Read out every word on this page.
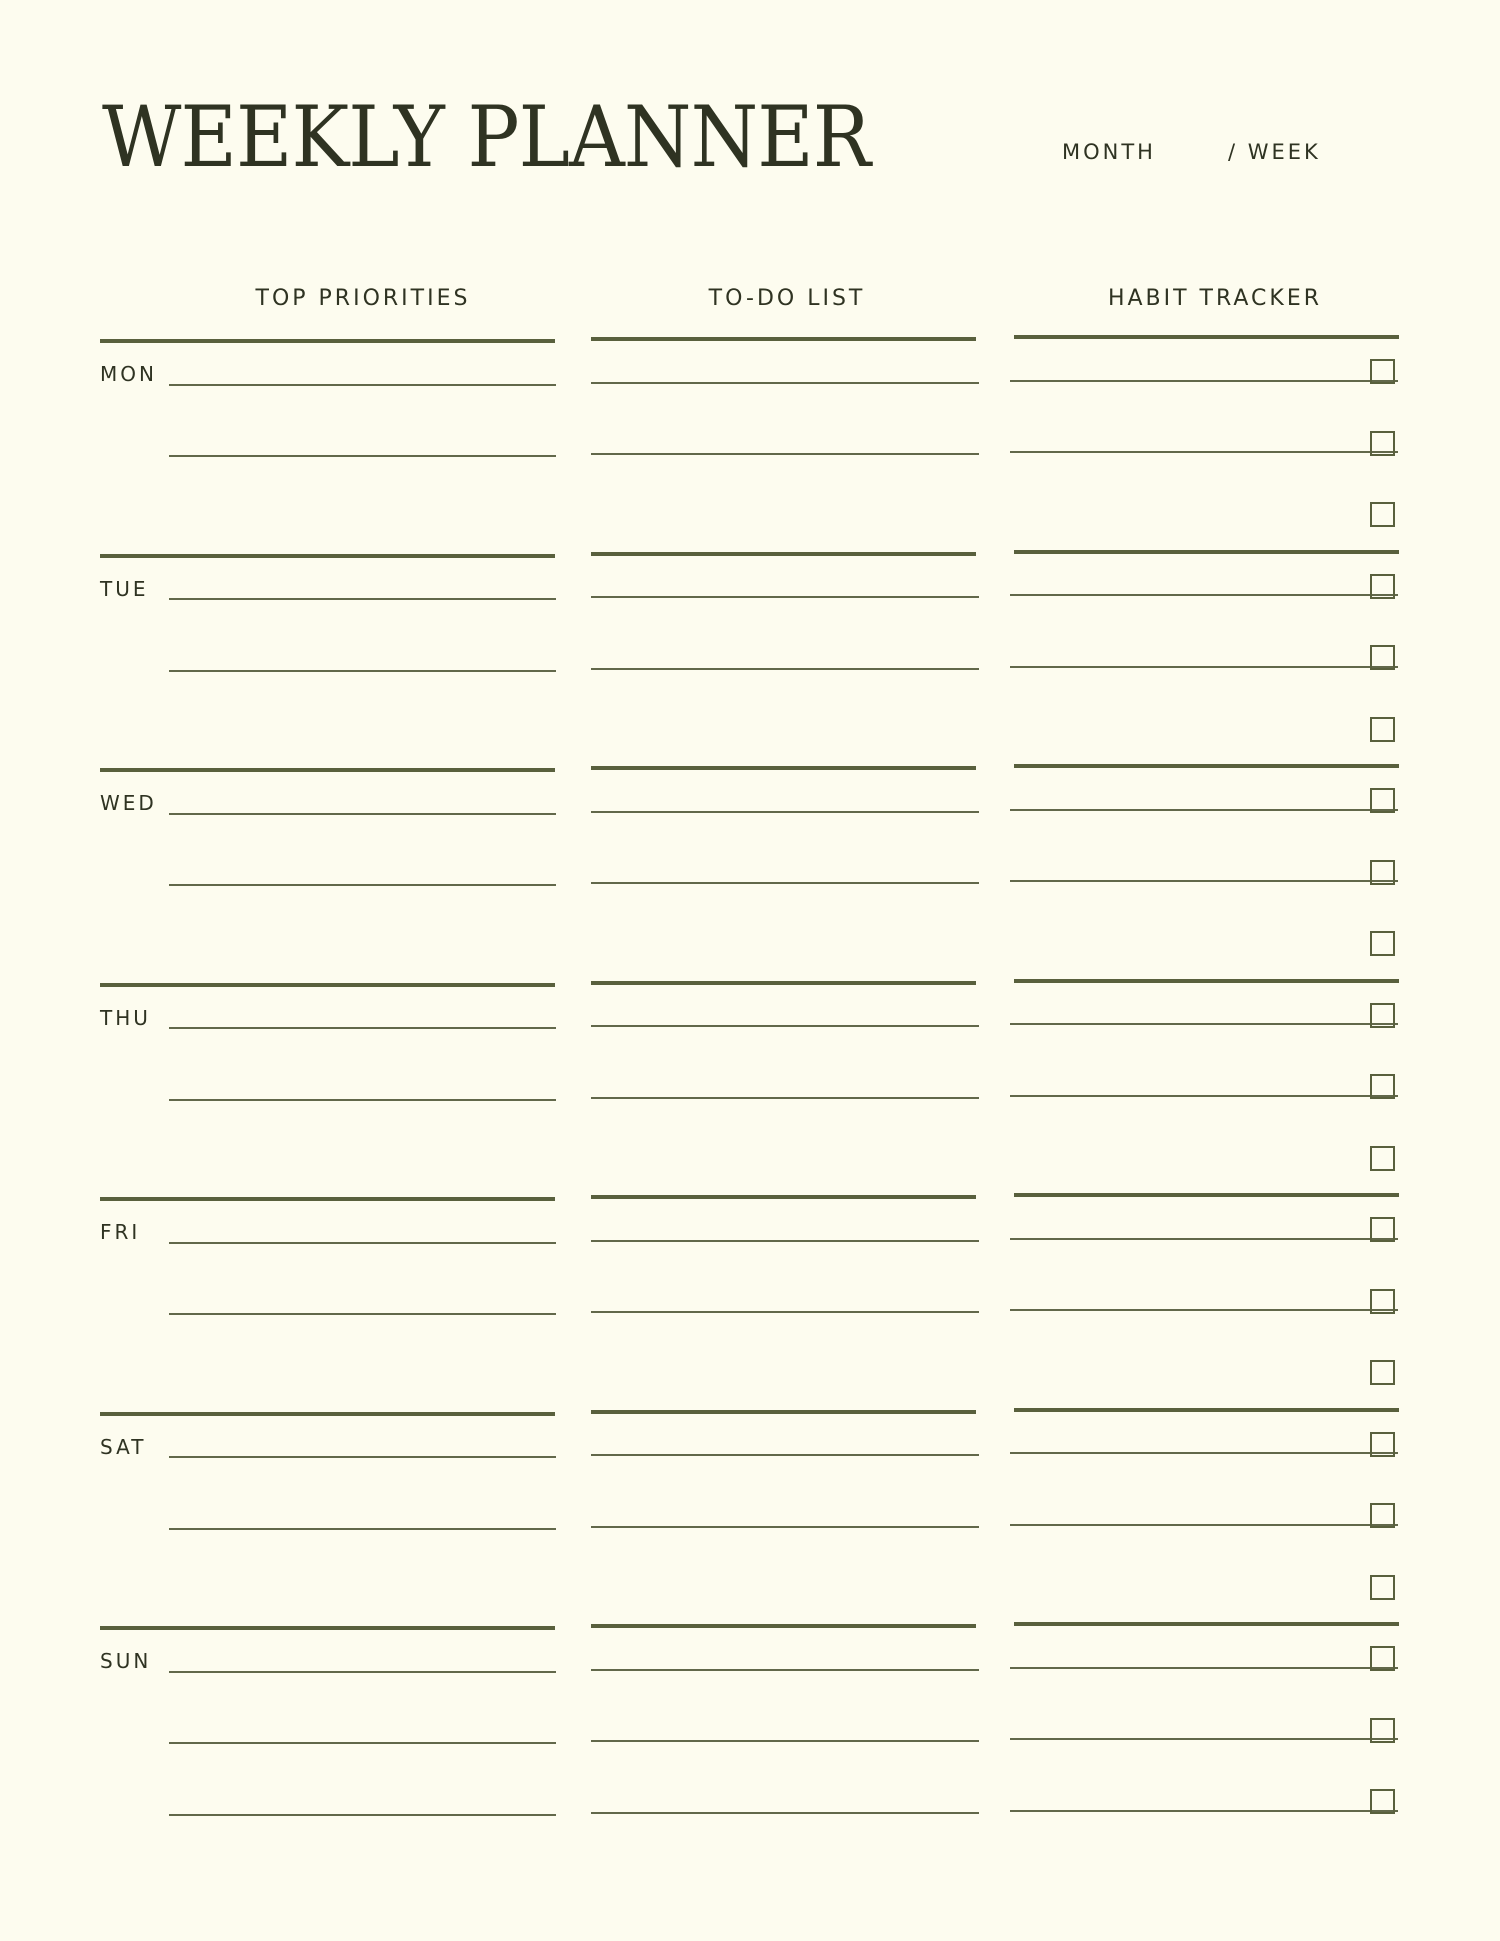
WEEKLY PLANNER	MONTH	/ WEEK
TOP PRIORITIES	TO-DO LIST	HABIT TRACKER
MON
TUE
WED
THU
FRI
SAT
SUN
